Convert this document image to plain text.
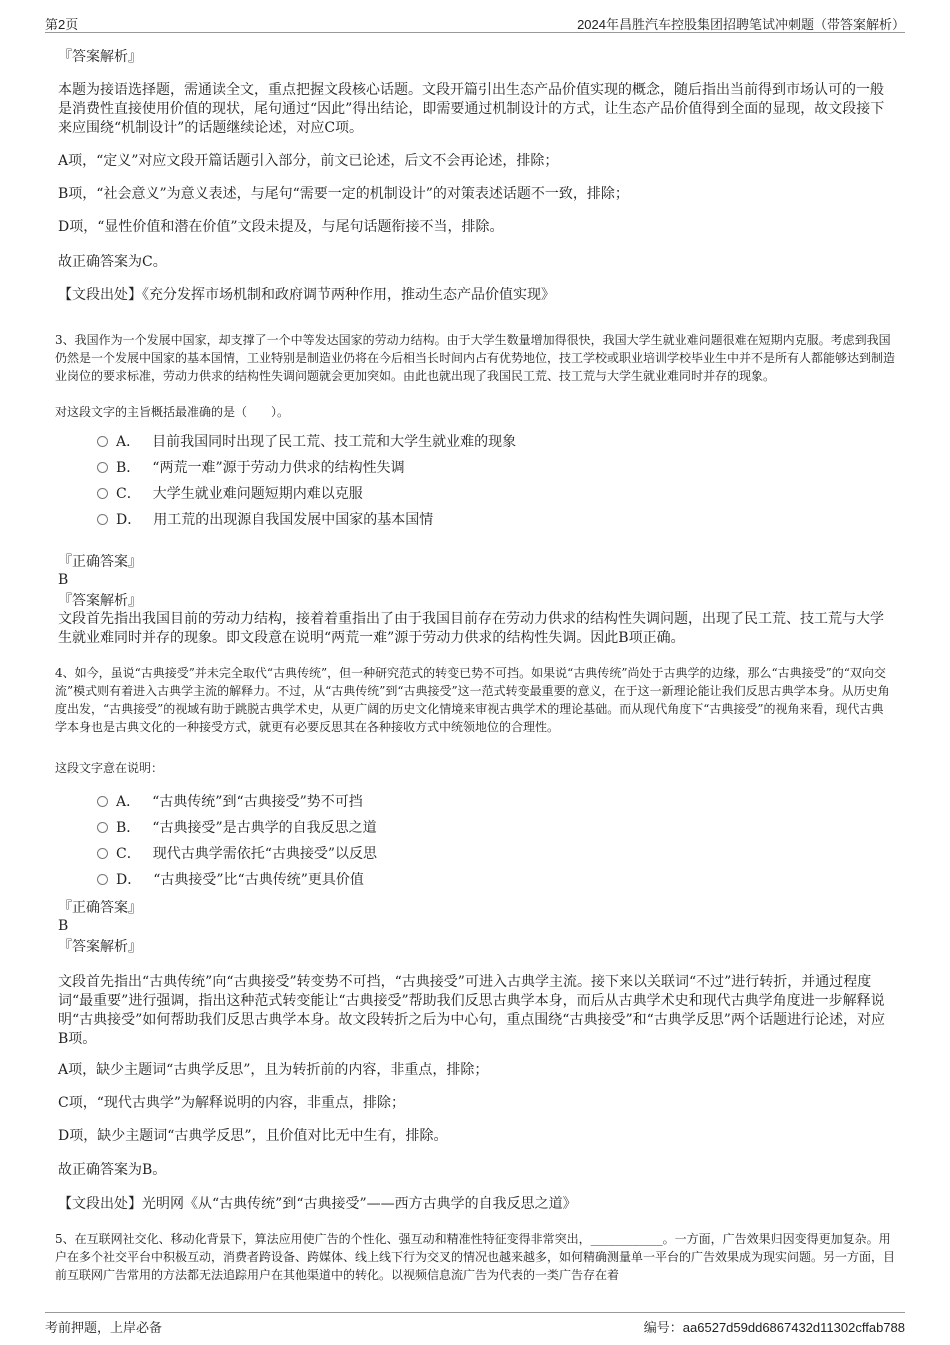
第2页	2024年昌胜汽车控股集团招聘笔试冲刺题（带答案解析）
『答案解析』
本题为接语选择题，需通读全文，重点把握文段核心话题。文段开篇引出生态产品价值实现的概念，随后指出当前得到市场认可的一般是消费性直接使用价值的现状，尾句通过“因此”得出结论，即需要通过机制设计的方式，让生态产品价值得到全面的显现，故文段接下来应围绕“机制设计”的话题继续论述，对应C项。
A项，“定义”对应文段开篇话题引入部分，前文已论述，后文不会再论述，排除；
B项，“社会意义”为意义表述，与尾句“需要一定的机制设计”的对策表述话题不一致，排除；
D项，“显性价值和潜在价值”文段未提及，与尾句话题衔接不当，排除。
故正确答案为C。
【文段出处】《充分发挥市场机制和政府调节两种作用，推动生态产品价值实现》
3、我国作为一个发展中国家，却支撑了一个中等发达国家的劳动力结构。由于大学生数量增加得很快，我国大学生就业难问题很难在短期内克服。考虑到我国仍然是一个发展中国家的基本国情，工业特别是制造业仍将在今后相当长时间内占有优势地位，技工学校或职业培训学校毕业生中并不是所有人都能够达到制造业岗位的要求标准，劳动力供求的结构性失调问题就会更加突如。由此也就出现了我国民工荒、技工荒与大学生就业难同时并存的现象。
对这段文字的主旨概括最准确的是（　　）。
A． 目前我国同时出现了民工荒、技工荒和大学生就业难的现象
B． “两荒一难”源于劳动力供求的结构性失调
C． 大学生就业难问题短期内难以克服
D． 用工荒的出现源自我国发展中国家的基本国情
『正确答案』
B
『答案解析』
文段首先指出我国目前的劳动力结构，接着着重指出了由于我国目前存在劳动力供求的结构性失调问题，出现了民工荒、技工荒与大学生就业难同时并存的现象。即文段意在说明“两荒一难”源于劳动力供求的结构性失调。因此B项正确。
4、如今，虽说“古典接受”并未完全取代“古典传统”，但一种研究范式的转变已势不可挡。如果说“古典传统”尚处于古典学的边缘，那么“古典接受”的“双向交流”模式则有着进入古典学主流的解释力。不过，从“古典传统”到“古典接受”这一范式转变最重要的意义，在于这一新理论能让我们反思古典学本身。从历史角度出发，“古典接受”的视域有助于跳脱古典学术史，从更广阔的历史文化情境来审视古典学术的理论基础。而从现代角度下“古典接受”的视角来看，现代古典学本身也是古典文化的一种接受方式，就更有必要反思其在各种接收方式中统领地位的合理性。
这段文字意在说明：
A． “古典传统”到“古典接受”势不可挡
B． “古典接受”是古典学的自我反思之道
C． 现代古典学需依托“古典接受”以反思
D． “古典接受”比“古典传统”更具价值
『正确答案』
B
『答案解析』
文段首先指出“古典传统”向“古典接受”转变势不可挡，“古典接受”可进入古典学主流。接下来以关联词“不过”进行转折，并通过程度词“最重要”进行强调，指出这种范式转变能让“古典接受”帮助我们反思古典学本身，而后从古典学术史和现代古典学角度进一步解释说明“古典接受”如何帮助我们反思古典学本身。故文段转折之后为中心句，重点围绕“古典接受”和“古典学反思”两个话题进行论述，对应B项。
A项，缺少主题词“古典学反思”，且为转折前的内容，非重点，排除；
C项，“现代古典学”为解释说明的内容，非重点，排除；
D项，缺少主题词“古典学反思”，且价值对比无中生有，排除。
故正确答案为B。
【文段出处】光明网《从“古典传统”到“古典接受”——西方古典学的自我反思之道》
5、在互联网社交化、移动化背景下，算法应用使广告的个性化、强互动和精准性特征变得非常突出，____________。一方面，广告效果归因变得更加复杂。用户在多个社交平台中积极互动，消费者跨设备、跨媒体、线上线下行为交叉的情况也越来越多，如何精确测量单一平台的广告效果成为现实问题。另一方面，目前互联网广告常用的方法都无法追踪用户在其他渠道中的转化。以视频信息流广告为代表的一类广告存在着
考前押题，上岸必备	编号：aa6527d59dd6867432d11302cffab788
